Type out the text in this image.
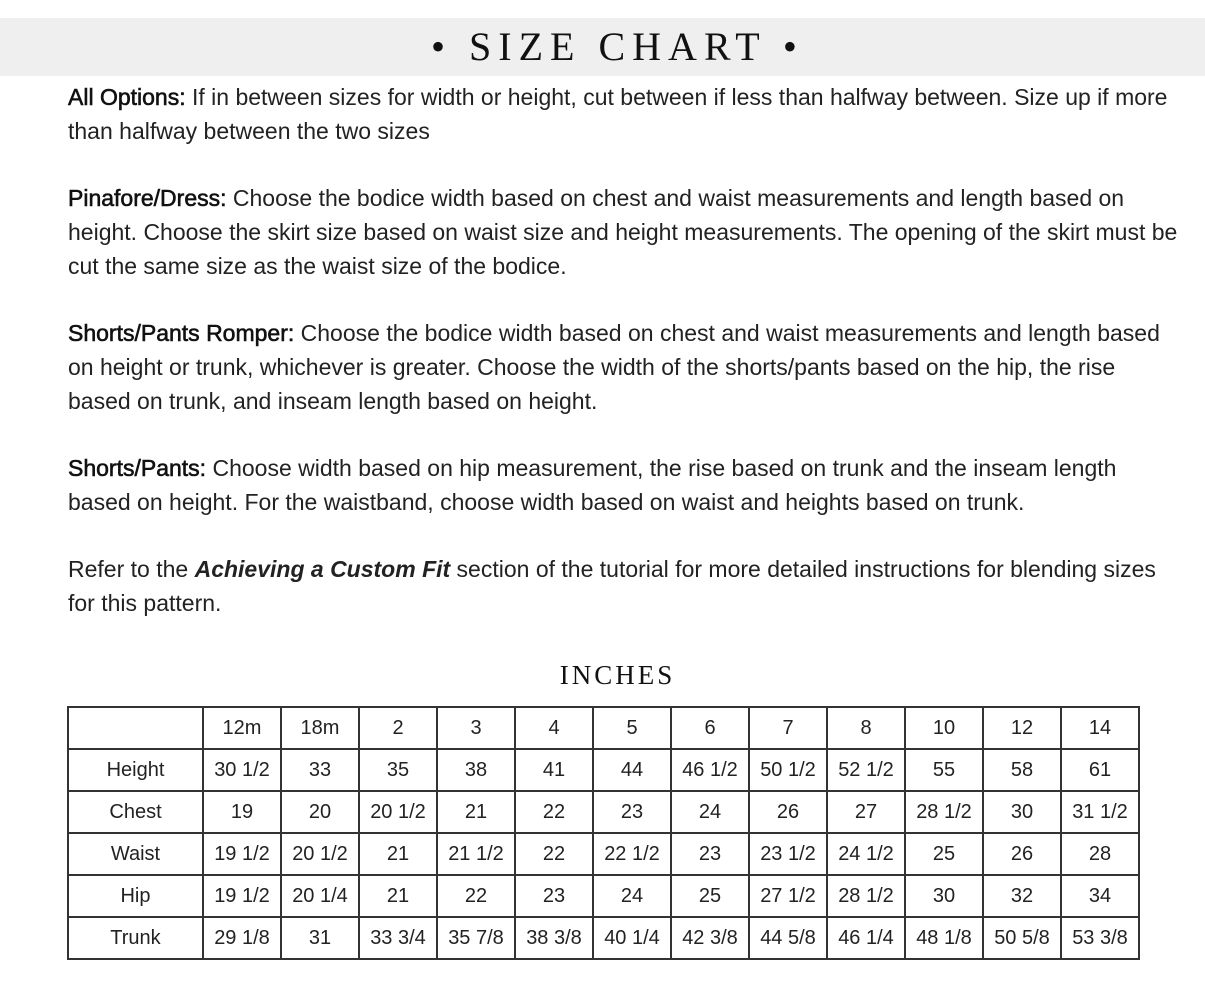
• SIZE CHART •

All Options: If in between sizes for width or height, cut between if less than halfway between. Size up if more than halfway between the two sizes

Pinafore/Dress: Choose the bodice width based on chest and waist measurements and length based on height. Choose the skirt size based on waist size and height measurements. The opening of the skirt must be cut the same size as the waist size of the bodice.

Shorts/Pants Romper: Choose the bodice width based on chest and waist measurements and length based on height or trunk, whichever is greater. Choose the width of the shorts/pants based on the hip, the rise based on trunk, and inseam length based on height.

Shorts/Pants: Choose width based on hip measurement, the rise based on trunk and the inseam length based on height. For the waistband, choose width based on waist and heights based on trunk.

Refer to the Achieving a Custom Fit section of the tutorial for more detailed instructions for blending sizes for this pattern.

INCHES
	12m	18m	2	3	4	5	6	7	8	10	12	14
Height	30 1/2	33	35	38	41	44	46 1/2	50 1/2	52 1/2	55	58	61
Chest	19	20	20 1/2	21	22	23	24	26	27	28 1/2	30	31 1/2
Waist	19 1/2	20 1/2	21	21 1/2	22	22 1/2	23	23 1/2	24 1/2	25	26	28
Hip	19 1/2	20 1/4	21	22	23	24	25	27 1/2	28 1/2	30	32	34
Trunk	29 1/8	31	33 3/4	35 7/8	38 3/8	40 1/4	42 3/8	44 5/8	46 1/4	48 1/8	50 5/8	53 3/8
